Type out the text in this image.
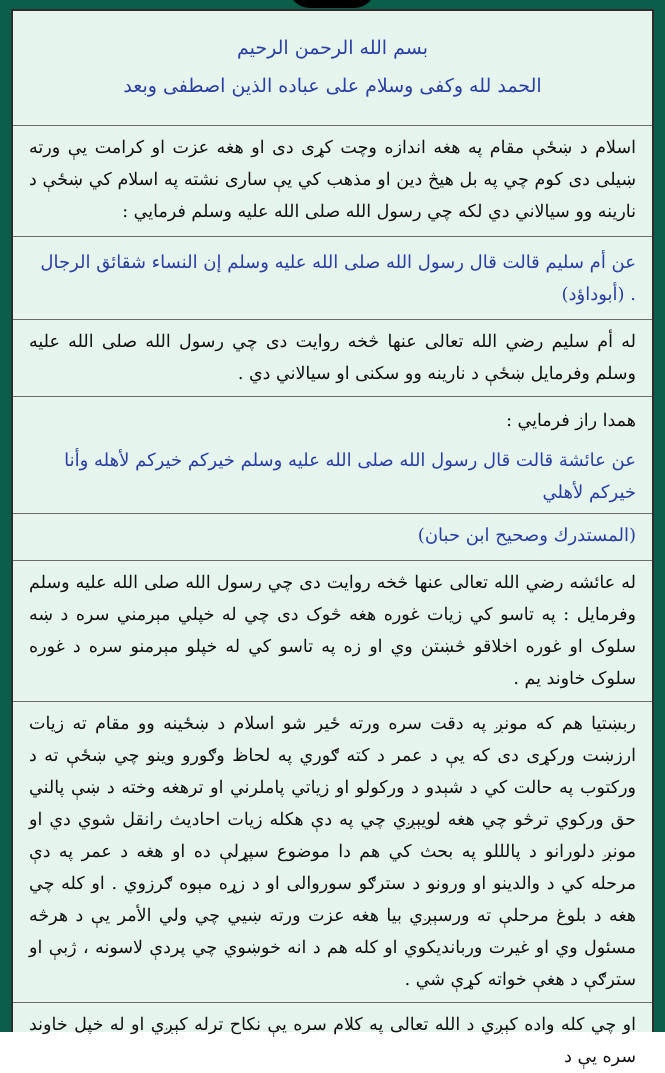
بسم الله الرحمن الرحيم
الحمد لله وكفى وسلام على عباده الذين اصطفى وبعد

اسلام د ښځې مقام په هغه اندازه وچت کړی دی او هغه عزت او کرامت يې ورته ښيلی دی کوم چي په بل هيڅ دين او مذهب کي يې ساری نشته په اسلام کي ښځې د نارينه وو سيالاني دي لکه چي رسول الله صلى الله عليه وسلم فرمايي :

عن أم سليم قالت قال رسول الله صلى الله عليه وسلم إن النساء شقائق الرجال . (أبوداؤد)

له أم سليم رضي الله تعالى عنها څخه روايت دی چي رسول الله صلى الله عليه وسلم وفرمايل ښځې د نارينه وو سکنی او سيالاني دي .

همدا راز فرمايي :

عن عائشة قالت قال رسول الله صلى الله عليه وسلم خيركم خيركم لأهله وأنا خيركم لأهلي

(المستدرك وصحيح ابن حبان)

له عائشه رضي الله تعالى عنها څخه روايت دی چي رسول الله صلى الله عليه وسلم وفرمايل : په تاسو کي زيات غوره هغه څوک دی چي له خپلي مېرمني سره د ښه سلوک او غوره اخلاقو څښتن وي او زه په تاسو کي له خپلو مېرمنو سره د غوره سلوک خاوند يم .

ربښتيا هم که مونږ په دقت سره ورته ځير شو اسلام د ښځينه وو مقام ته زيات ارزښت ورکړی دی که يې د عمر د کته ګوري په لحاظ وګورو وينو چي ښځې ته د ورکتوب په حالت کي د شېدو د ورکولو او زياتي پاملرني او ترهغه وخته د ښې پالني حق ورکوي ترڅو چي هغه لويېږي چي په دې هکله زيات احاديث رانقل شوي دي او مونږ دلورانو د پالللو په بحث کي هم دا موضوع سپړلې ده او هغه د عمر په دې مرحله کي د والدينو او ورونو د سترګو سوروالی او د زړه مېوه ګرزوي . او کله چي هغه د بلوغ مرحلې ته ورسېږي بيا هغه عزت ورته ښيي چي ولي الأمر يې د هرڅه مسئول وي او غيرت وربانديکوي او کله هم د انه خوښوي چي پردې لاسونه ، ژبې او سترګې د هغې خواته کړې شي .

او چي کله واده کېږي د الله تعالى په کلام سره يې نکاح ترله کېږي او له خپل خاوند سره يې د
